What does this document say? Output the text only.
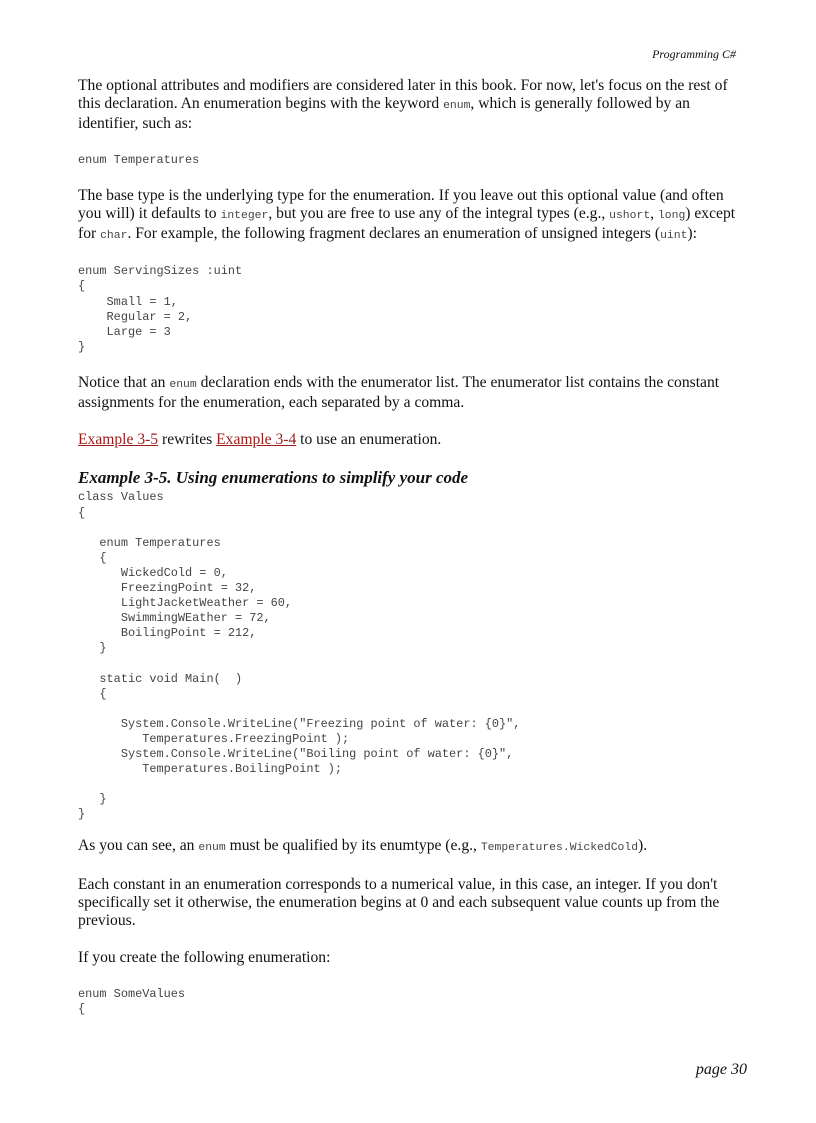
Programming C#

The optional attributes and modifiers are considered later in this book. For now, let's focus on the rest of this declaration. An enumeration begins with the keyword enum, which is generally followed by an identifier, such as:

enum Temperatures

The base type is the underlying type for the enumeration. If you leave out this optional value (and often you will) it defaults to integer, but you are free to use any of the integral types (e.g., ushort, long) except for char. For example, the following fragment declares an enumeration of unsigned integers (uint):

enum ServingSizes :uint
{
Small = 1,
Regular = 2,
Large = 3
}

Notice that an enum declaration ends with the enumerator list. The enumerator list contains the constant assignments for the enumeration, each separated by a comma.

Example 3-5 rewrites Example 3-4 to use an enumeration.

Example 3-5. Using enumerations to simplify your code
class Values
{

enum Temperatures
{
WickedCold = 0,
FreezingPoint = 32,
LightJacketWeather = 60,
SwimmingWEather = 72,
BoilingPoint = 212,
}

static void Main(  )
{

System.Console.WriteLine("Freezing point of water: {0}",
Temperatures.FreezingPoint );
System.Console.WriteLine("Boiling point of water: {0}",
Temperatures.BoilingPoint );

}
}

As you can see, an enum must be qualified by its enumtype (e.g., Temperatures.WickedCold).

Each constant in an enumeration corresponds to a numerical value, in this case, an integer. If you don't specifically set it otherwise, the enumeration begins at 0 and each subsequent value counts up from the previous.

If you create the following enumeration:

enum SomeValues
{
page 30
